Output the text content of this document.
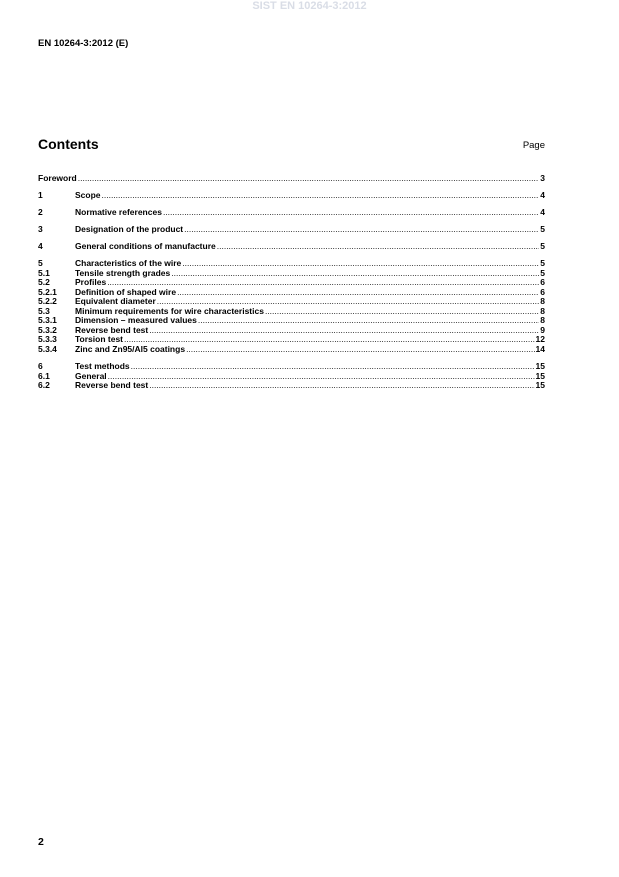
SIST EN 10264-3:2012
EN 10264-3:2012 (E)
Contents	Page
Foreword .....	3
1	Scope .....	4
2	Normative references .....	4
3	Designation of the product .....	5
4	General conditions of manufacture .....	5
5	Characteristics of the wire .....	5
5.1	Tensile strength grades .....	5
5.2	Profiles .....	6
5.2.1	Definition of shaped wire .....	6
5.2.2	Equivalent diameter .....	8
5.3	Minimum requirements for wire characteristics .....	8
5.3.1	Dimension – measured values .....	8
5.3.2	Reverse bend test .....	9
5.3.3	Torsion test .....	12
5.3.4	Zinc and Zn95/Al5 coatings .....	14
6	Test methods .....	15
6.1	General .....	15
6.2	Reverse bend test .....	15
2
